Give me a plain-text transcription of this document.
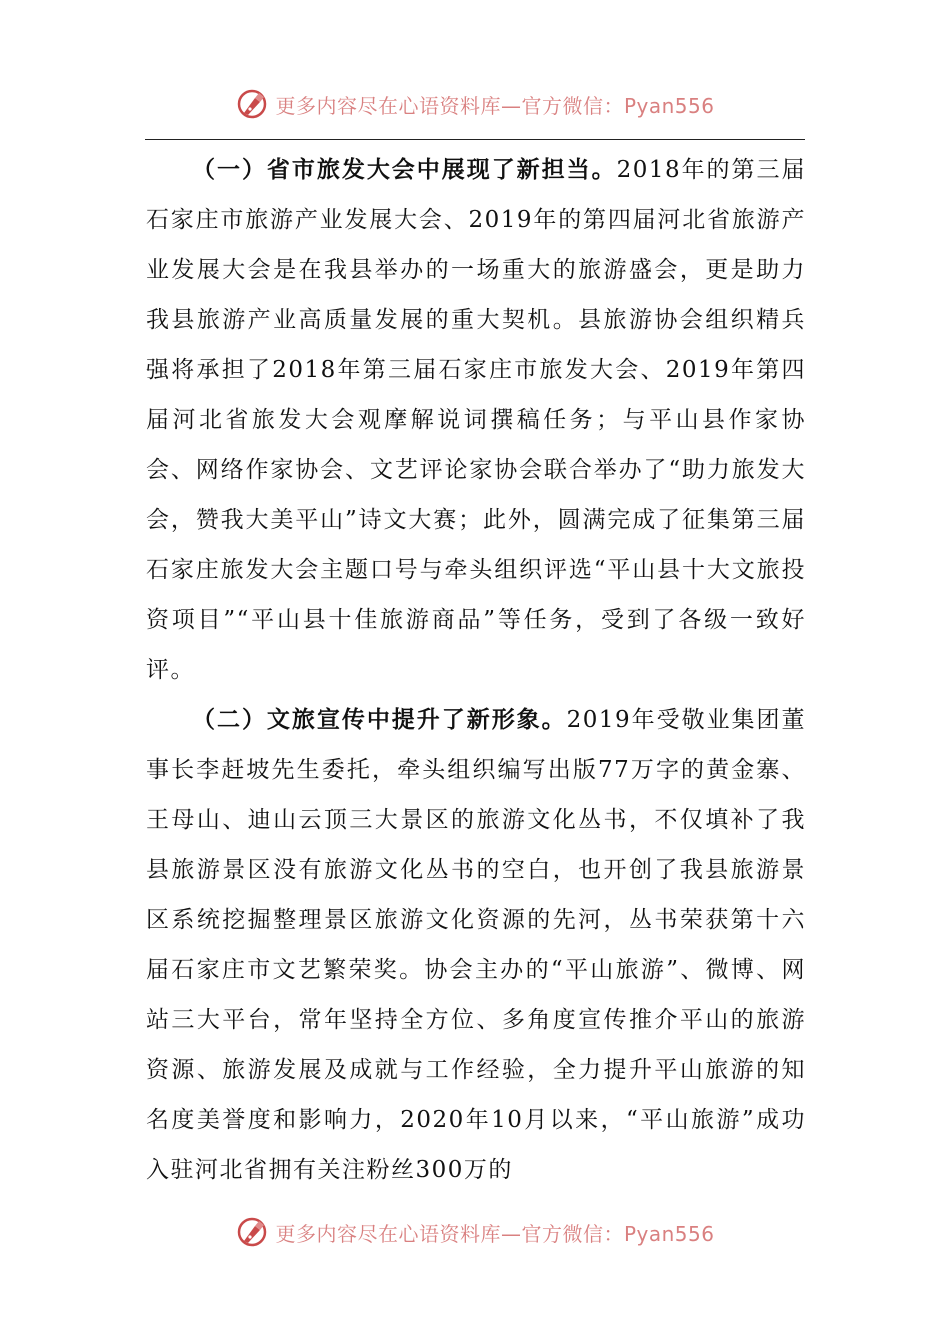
更多内容尽在心语资料库—官方微信：Pyan556

（一）省市旅发大会中展现了新担当。2018年的第三届石家庄市旅游产业发展大会、2019年的第四届河北省旅游产业发展大会是在我县举办的一场重大的旅游盛会，更是助力我县旅游产业高质量发展的重大契机。县旅游协会组织精兵强将承担了2018年第三届石家庄市旅发大会、2019年第四届河北省旅发大会观摩解说词撰稿任务；与平山县作家协会、网络作家协会、文艺评论家协会联合举办了“助力旅发大会，赞我大美平山”诗文大赛；此外，圆满完成了征集第三届石家庄旅发大会主题口号与牵头组织评选“平山县十大文旅投资项目”“平山县十佳旅游商品”等任务，受到了各级一致好评。

（二）文旅宣传中提升了新形象。2019年受敬业集团董事长李赶坡先生委托，牵头组织编写出版77万字的黄金寨、王母山、迪山云顶三大景区的旅游文化丛书，不仅填补了我县旅游景区没有旅游文化丛书的空白，也开创了我县旅游景区系统挖掘整理景区旅游文化资源的先河，丛书荣获第十六届石家庄市文艺繁荣奖。协会主办的“平山旅游”、微博、网站三大平台，常年坚持全方位、多角度宣传推介平山的旅游资源、旅游发展及成就与工作经验，全力提升平山旅游的知名度美誉度和影响力，2020年10月以来，“平山旅游”成功入驻河北省拥有关注粉丝300万的

更多内容尽在心语资料库—官方微信：Pyan556
